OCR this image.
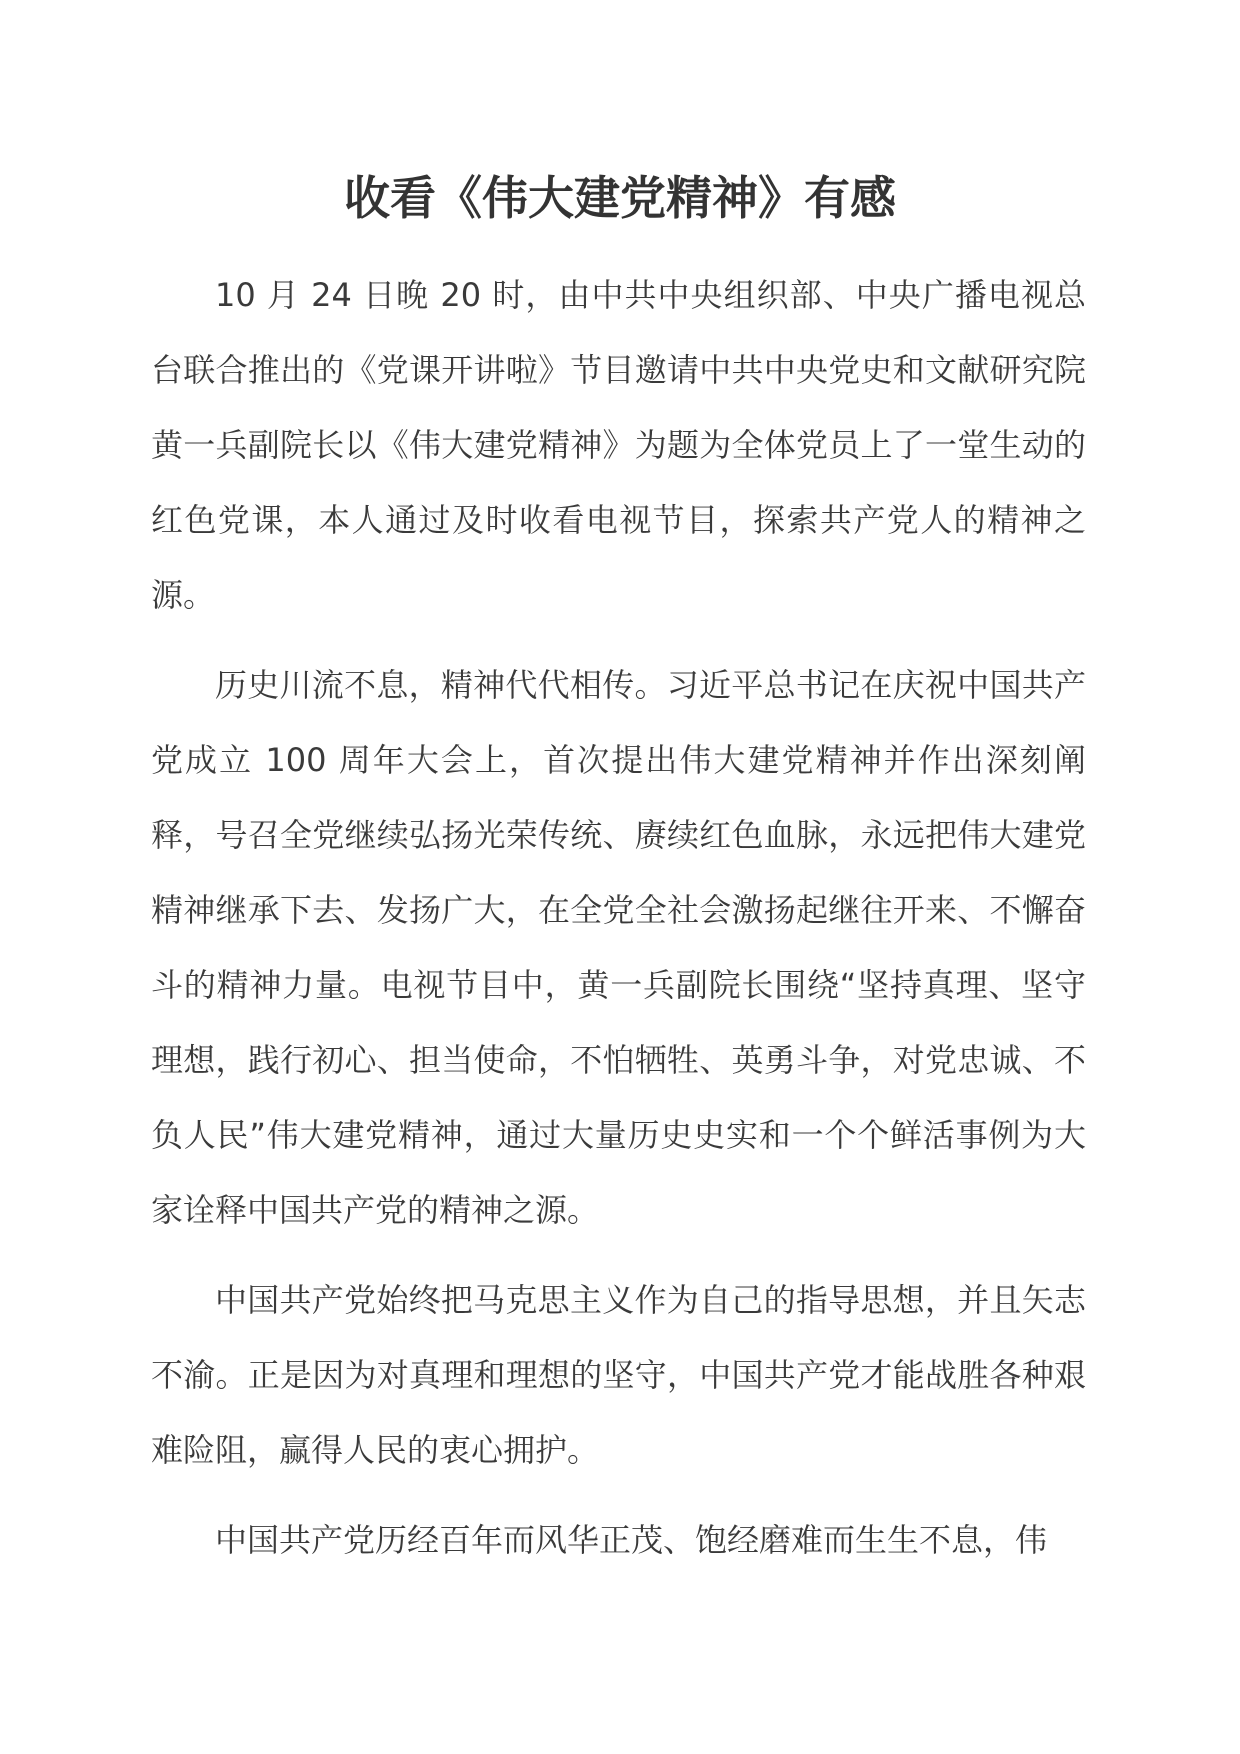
收看《伟大建党精神》有感

10 月 24 日晚 20 时，由中共中央组织部、中央广播电视总台联合推出的《党课开讲啦》节目邀请中共中央党史和文献研究院黄一兵副院长以《伟大建党精神》为题为全体党员上了一堂生动的红色党课，本人通过及时收看电视节目，探索共产党人的精神之源。

历史川流不息，精神代代相传。习近平总书记在庆祝中国共产党成立 100 周年大会上，首次提出伟大建党精神并作出深刻阐释，号召全党继续弘扬光荣传统、赓续红色血脉，永远把伟大建党精神继承下去、发扬广大，在全党全社会激扬起继往开来、不懈奋斗的精神力量。电视节目中，黄一兵副院长围绕“坚持真理、坚守理想，践行初心、担当使命，不怕牺牲、英勇斗争，对党忠诚、不负人民”伟大建党精神，通过大量历史史实和一个个鲜活事例为大家诠释中国共产党的精神之源。

中国共产党始终把马克思主义作为自己的指导思想，并且矢志不渝。正是因为对真理和理想的坚守，中国共产党才能战胜各种艰难险阻，赢得人民的衷心拥护。

中国共产党历经百年而风华正茂、饱经磨难而生生不息，伟
